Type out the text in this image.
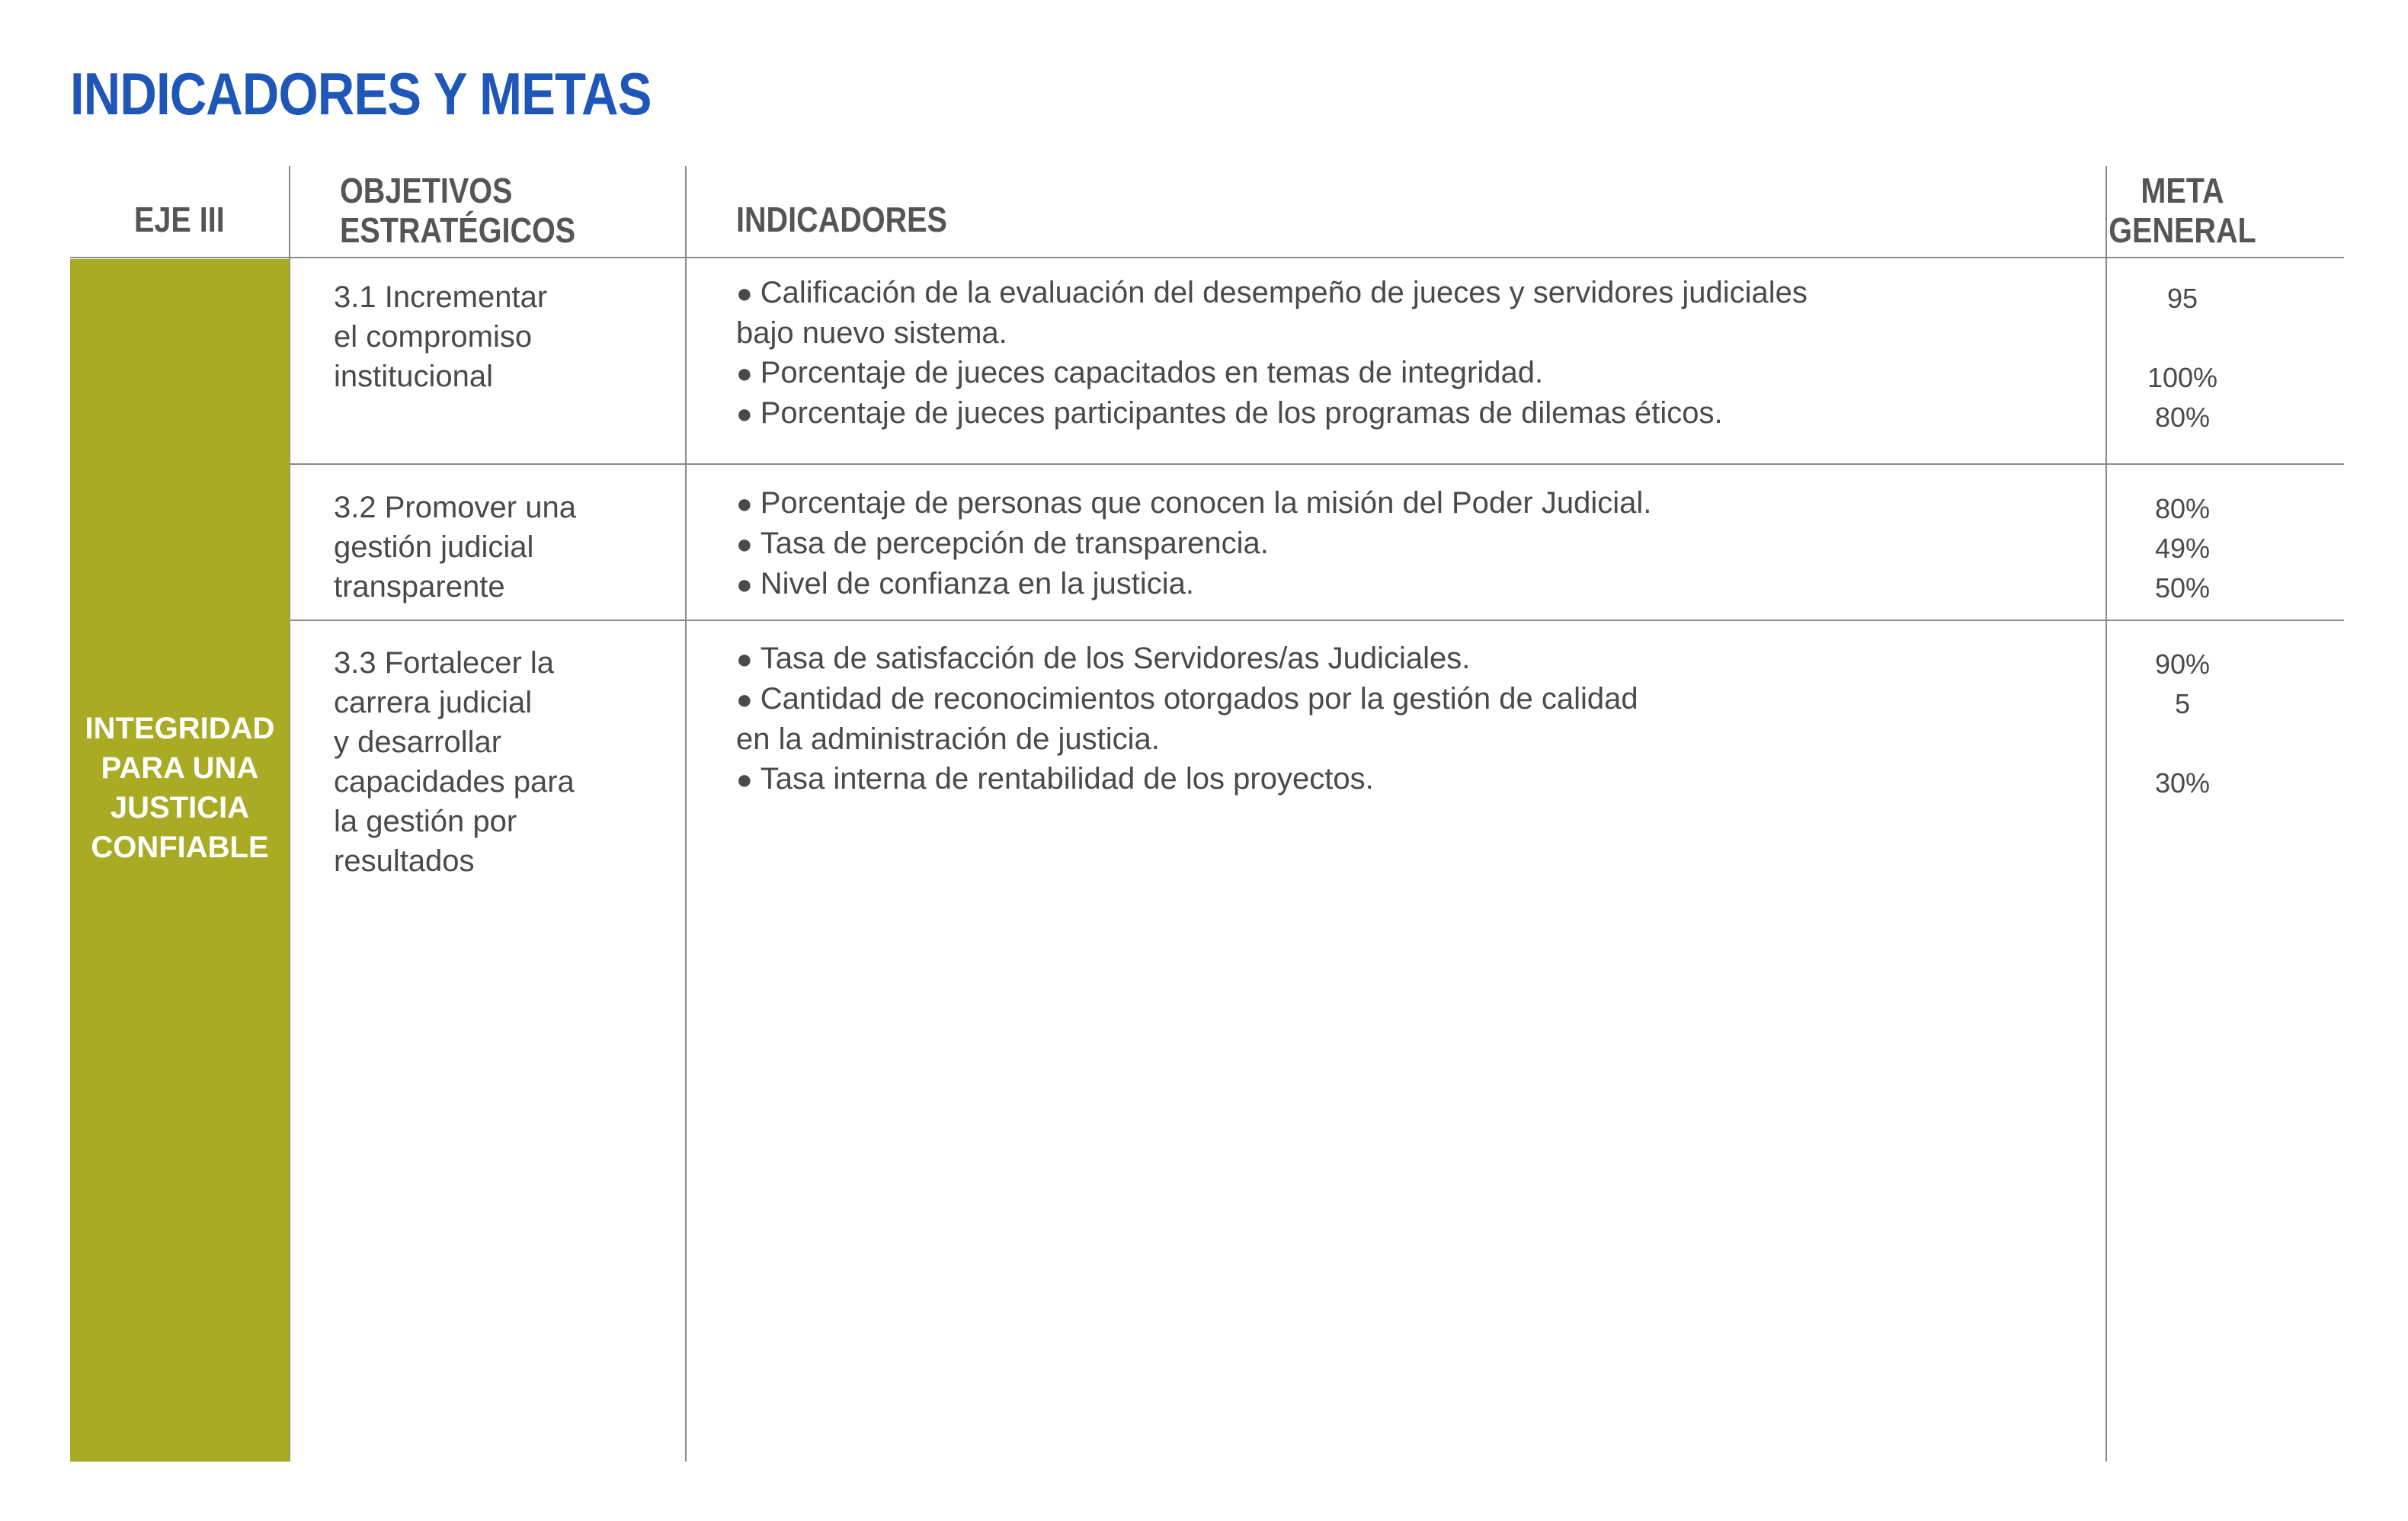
INDICADORES Y METAS
EJE III
OBJETIVOS
ESTRATÉGICOS	INDICADORES
META
GENERAL
INTEGRIDAD
PARA UNA
JUSTICIA
CONFIABLE
3.1 Incrementar
el compromiso
institucional
● Calificación de la evaluación del desempeño de jueces y servidores judiciales
bajo nuevo sistema.
● Porcentaje de jueces capacitados en temas de integridad.
● Porcentaje de jueces participantes de los programas de dilemas éticos.
95
100%
80%
3.2 Promover una
gestión judicial
transparente
● Porcentaje de personas que conocen la misión del Poder Judicial.
● Tasa de percepción de transparencia.
● Nivel de confianza en la justicia.
80%
49%
50%
3.3 Fortalecer la
carrera judicial
y desarrollar
capacidades para
la gestión por
resultados
● Tasa de satisfacción de los Servidores/as Judiciales.
● Cantidad de reconocimientos otorgados por la gestión de calidad
en la administración de justicia.
● Tasa interna de rentabilidad de los proyectos.
90%
5
30%
